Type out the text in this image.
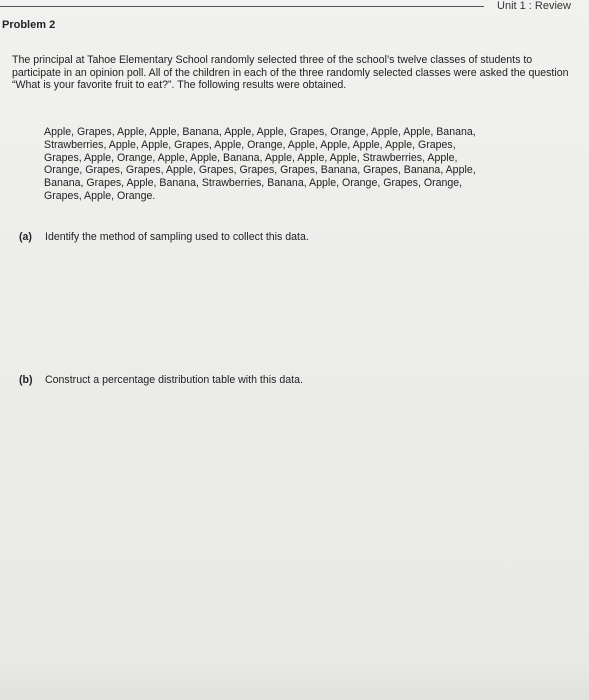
Unit 1 : Review
Problem 2

The principal at Tahoe Elementary School randomly selected three of the school’s twelve classes of students to participate in an opinion poll. All of the children in each of the three randomly selected classes were asked the question “What is your favorite fruit to eat?”. The following results were obtained.

Apple, Grapes, Apple, Apple, Banana, Apple, Apple, Grapes, Orange, Apple, Apple, Banana,
Strawberries, Apple, Apple, Grapes, Apple, Orange, Apple, Apple, Apple, Apple, Grapes,
Grapes, Apple, Orange, Apple, Apple, Banana, Apple, Apple, Apple, Strawberries, Apple,
Orange, Grapes, Grapes, Apple, Grapes, Grapes, Grapes, Banana, Grapes, Banana, Apple,
Banana, Grapes, Apple, Banana, Strawberries, Banana, Apple, Orange, Grapes, Orange,
Grapes, Apple, Orange.
(a) Identify the method of sampling used to collect this data.
(b) Construct a percentage distribution table with this data.
